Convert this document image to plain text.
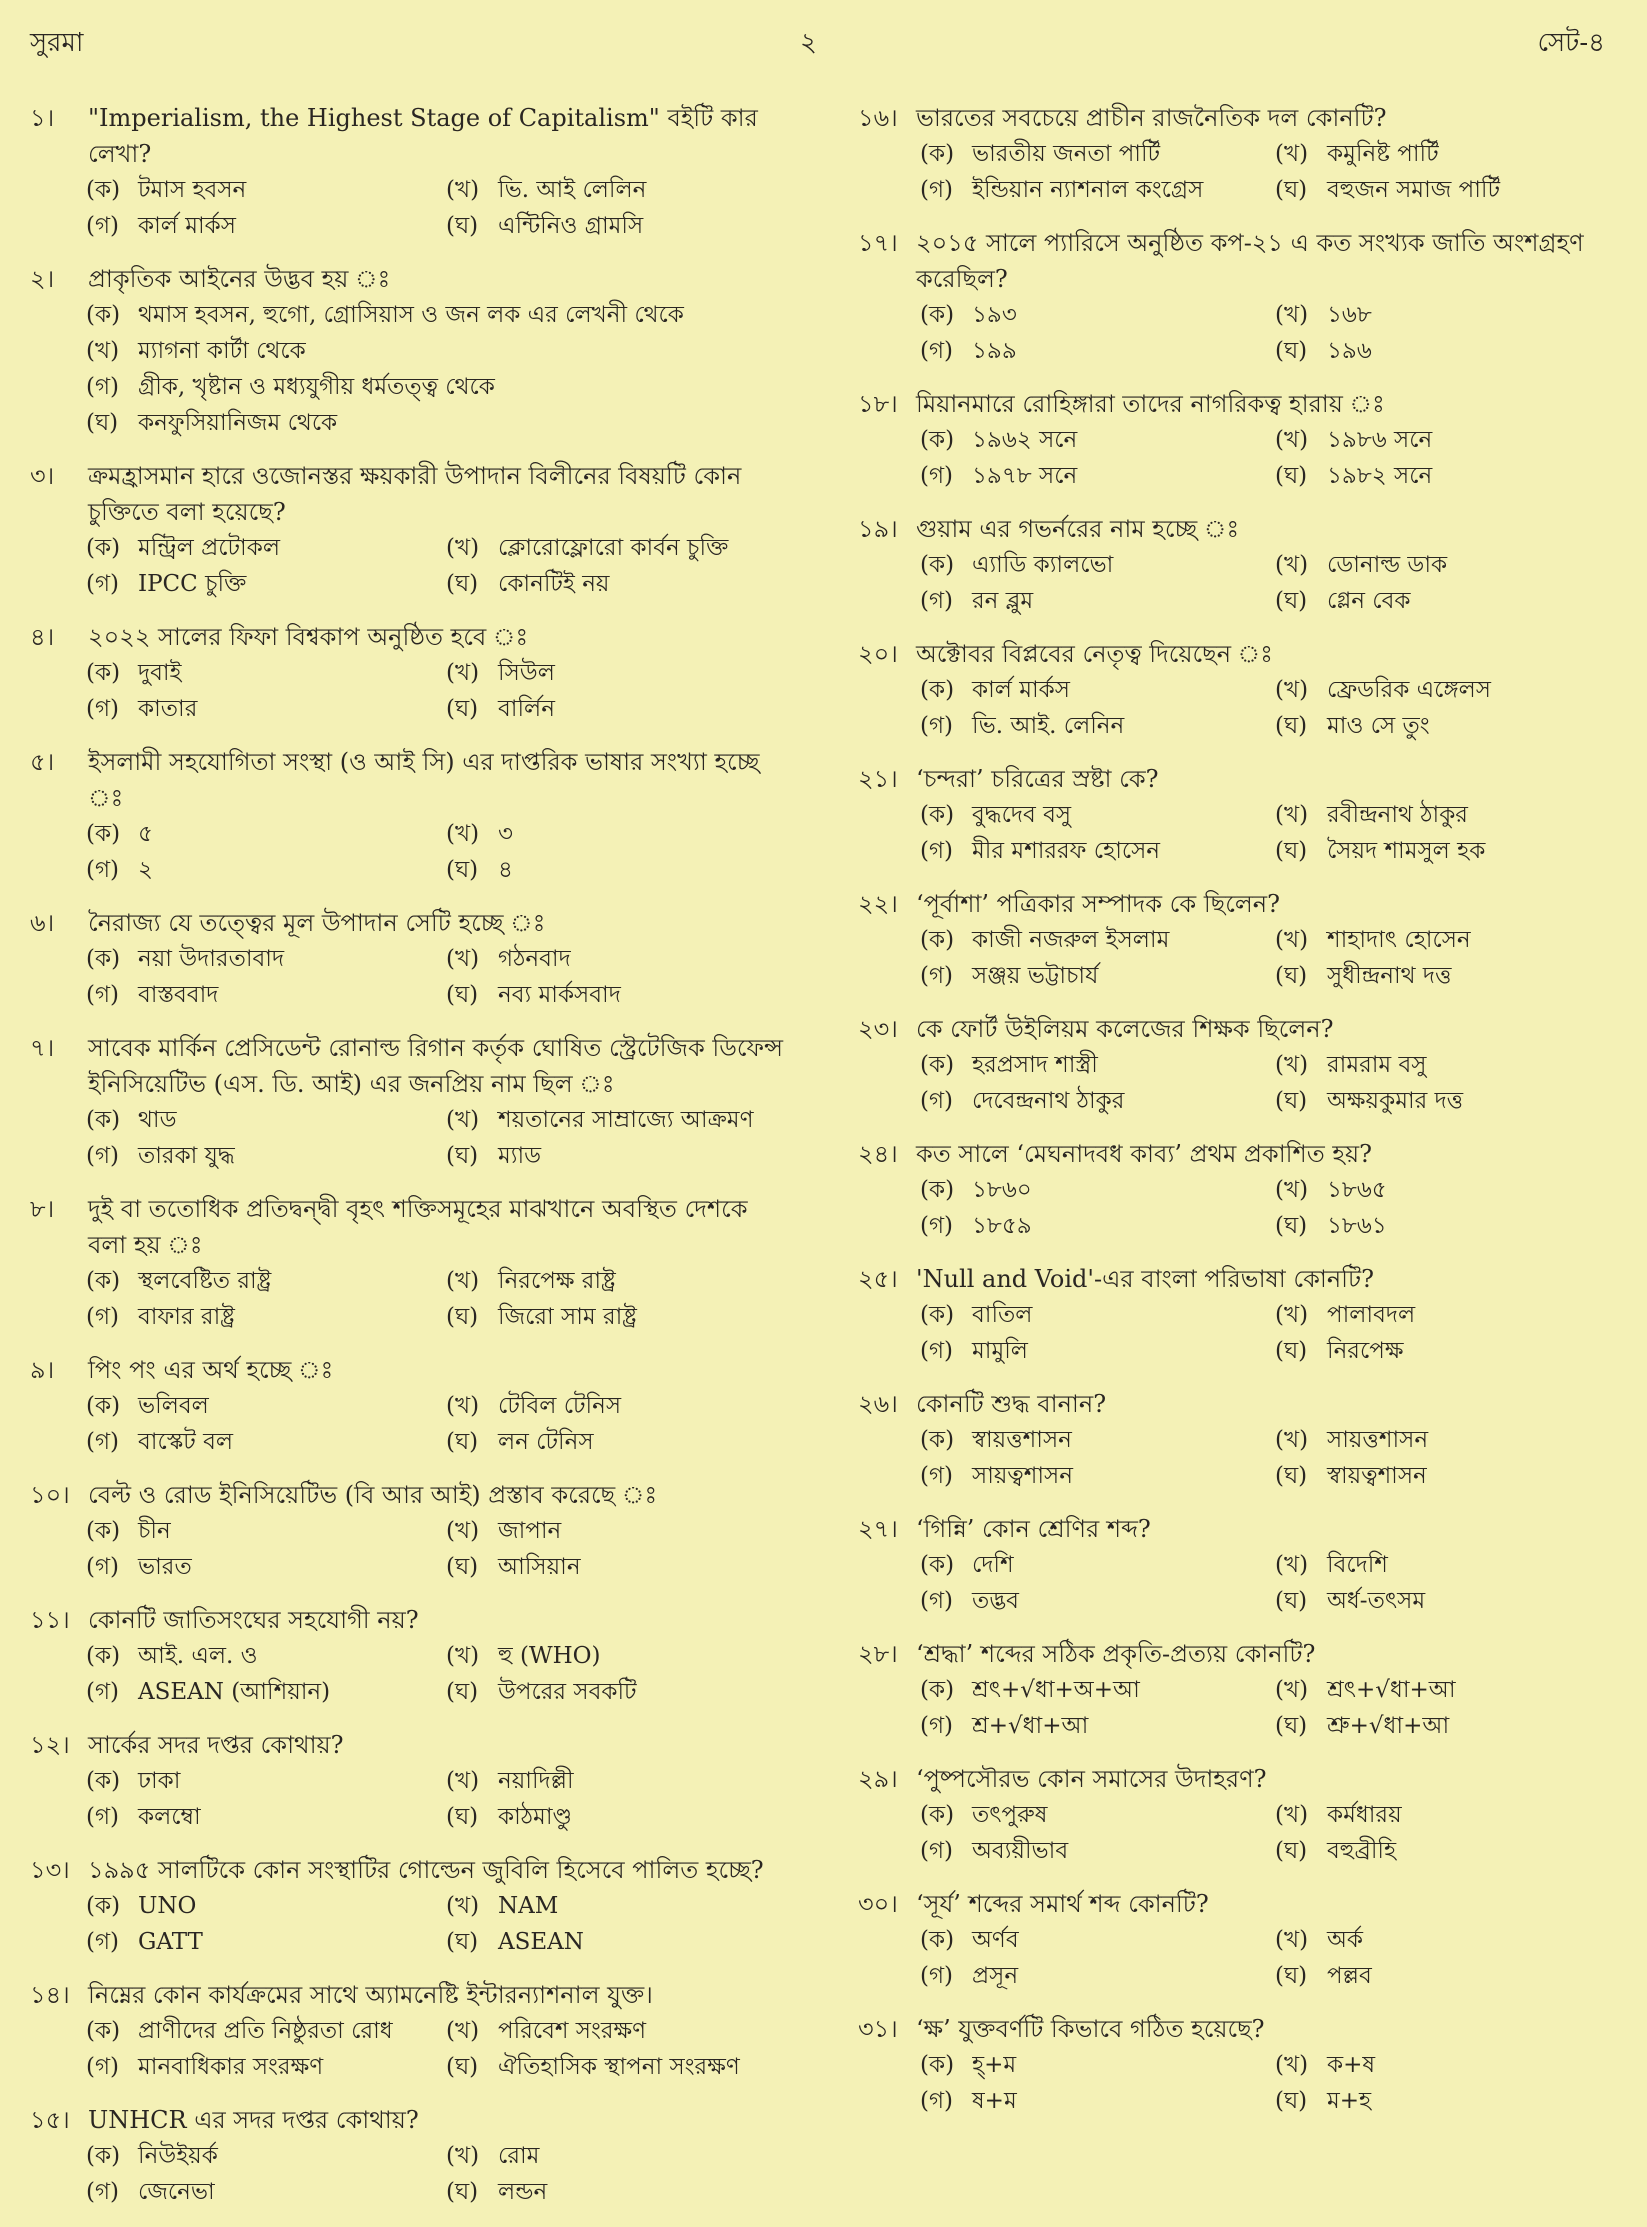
সুরমা	২	সেট-৪
১।	"Imperialism, the Highest Stage of Capitalism" বইটি কার লেখা?
(ক) টমাস হবসন	(খ) ভি. আই লেলিন
(গ) কার্ল মার্কস	(ঘ) এন্টিনিও গ্রামসি
২।	প্রাকৃতিক আইনের উদ্ভব হয় ঃ
(ক) থমাস হবসন, হুগো, গ্রোসিয়াস ও জন লক এর লেখনী থেকে
(খ) ম্যাগনা কার্টা থেকে
(গ) গ্রীক, খৃষ্টান ও মধ্যযুগীয় ধর্মতত্ত্ব থেকে
(ঘ) কনফুসিয়ানিজম থেকে
৩।	ক্রমহ্রাসমান হারে ওজোনস্তর ক্ষয়কারী উপাদান বিলীনের বিষয়টি কোন চুক্তিতে বলা হয়েছে?
(ক) মন্ট্রিল প্রটোকল	(খ) ক্লোরোফ্লোরো কার্বন চুক্তি
(গ) IPCC চুক্তি	(ঘ) কোনটিই নয়
৪।	২০২২ সালের ফিফা বিশ্বকাপ অনুষ্ঠিত হবে ঃ
(ক) দুবাই	(খ) সিউল
(গ) কাতার	(ঘ) বার্লিন
৫।	ইসলামী সহযোগিতা সংস্থা (ও আই সি) এর দাপ্তরিক ভাষার সংখ্যা হচ্ছে ঃ
(ক) ৫	(খ) ৩
(গ) ২	(ঘ) ৪
৬।	নৈরাজ্য যে তত্ত্বের মূল উপাদান সেটি হচ্ছে ঃ
(ক) নয়া উদারতাবাদ	(খ) গঠনবাদ
(গ) বাস্তববাদ	(ঘ) নব্য মার্কসবাদ
৭।	সাবেক মার্কিন প্রেসিডেন্ট রোনাল্ড রিগান কর্তৃক ঘোষিত স্ট্রেটেজিক ডিফেন্স ইনিসিয়েটিভ (এস. ডি. আই) এর জনপ্রিয় নাম ছিল ঃ
(ক) থাড	(খ) শয়তানের সাম্রাজ্যে আক্রমণ
(গ) তারকা যুদ্ধ	(ঘ) ম্যাড
৮।	দুই বা ততোধিক প্রতিদ্বন্দ্বী বৃহৎ শক্তিসমূহের মাঝখানে অবস্থিত দেশকে বলা হয় ঃ
(ক) স্থলবেষ্টিত রাষ্ট্র	(খ) নিরপেক্ষ রাষ্ট্র
(গ) বাফার রাষ্ট্র	(ঘ) জিরো সাম রাষ্ট্র
৯।	পিং পং এর অর্থ হচ্ছে ঃ
(ক) ভলিবল	(খ) টেবিল টেনিস
(গ) বাস্কেট বল	(ঘ) লন টেনিস
১০। বেল্ট ও রোড ইনিসিয়েটিভ (বি আর আই) প্রস্তাব করেছে ঃ
(ক) চীন	(খ) জাপান
(গ) ভারত	(ঘ) আসিয়ান
১১। কোনটি জাতিসংঘের সহযোগী নয়?
(ক) আই. এল. ও	(খ) হু (WHO)
(গ) ASEAN (আশিয়ান)	(ঘ) উপরের সবকটি
১২। সার্কের সদর দপ্তর কোথায়?
(ক) ঢাকা	(খ) নয়াদিল্লী
(গ) কলম্বো	(ঘ) কাঠমাণ্ডু
১৩। ১৯৯৫ সালটিকে কোন সংস্থাটির গোল্ডেন জুবিলি হিসেবে পালিত হচ্ছে?
(ক) UNO	(খ) NAM
(গ) GATT	(ঘ) ASEAN
১৪। নিম্নের কোন কার্যক্রমের সাথে অ্যামনেষ্টি ইন্টারন্যাশনাল যুক্ত।
(ক) প্রাণীদের প্রতি নিষ্ঠুরতা রোধ	(খ) পরিবেশ সংরক্ষণ
(গ) মানবাধিকার সংরক্ষণ	(ঘ) ঐতিহাসিক স্থাপনা সংরক্ষণ
১৫। UNHCR এর সদর দপ্তর কোথায়?
(ক) নিউইয়র্ক	(খ) রোম
(গ) জেনেভা	(ঘ) লন্ডন
১৬। ভারতের সবচেয়ে প্রাচীন রাজনৈতিক দল কোনটি?
(ক) ভারতীয় জনতা পার্টি	(খ) কমুনিষ্ট পার্টি
(গ) ইন্ডিয়ান ন্যাশনাল কংগ্রেস	(ঘ) বহুজন সমাজ পার্টি
১৭। ২০১৫ সালে প্যারিসে অনুষ্ঠিত কপ-২১ এ কত সংখ্যক জাতি অংশগ্রহণ করেছিল?
(ক) ১৯৩	(খ) ১৬৮
(গ) ১৯৯	(ঘ) ১৯৬
১৮। মিয়ানমারে রোহিঙ্গারা তাদের নাগরিকত্ব হারায় ঃ
(ক) ১৯৬২ সনে	(খ) ১৯৮৬ সনে
(গ) ১৯৭৮ সনে	(ঘ) ১৯৮২ সনে
১৯। গুয়াম এর গভর্নরের নাম হচ্ছে ঃ
(ক) এ্যাডি ক্যালভো	(খ) ডোনাল্ড ডাক
(গ) রন ব্লুম	(ঘ) গ্লেন বেক
২০। অক্টোবর বিপ্লবের নেতৃত্ব দিয়েছেন ঃ
(ক) কার্ল মার্কস	(খ) ফ্রেডরিক এঙ্গেলস
(গ) ভি. আই. লেনিন	(ঘ) মাও সে তুং
২১। ‘চন্দরা’ চরিত্রের স্রষ্টা কে?
(ক) বুদ্ধদেব বসু	(খ) রবীন্দ্রনাথ ঠাকুর
(গ) মীর মশাররফ হোসেন	(ঘ) সৈয়দ শামসুল হক
২২। ‘পূর্বাশা’ পত্রিকার সম্পাদক কে ছিলেন?
(ক) কাজী নজরুল ইসলাম	(খ) শাহাদাৎ হোসেন
(গ) সঞ্জয় ভট্টাচার্য	(ঘ) সুধীন্দ্রনাথ দত্ত
২৩। কে ফোর্ট উইলিয়ম কলেজের শিক্ষক ছিলেন?
(ক) হরপ্রসাদ শাস্ত্রী	(খ) রামরাম বসু
(গ) দেবেন্দ্রনাথ ঠাকুর	(ঘ) অক্ষয়কুমার দত্ত
২৪। কত সালে ‘মেঘনাদবধ কাব্য’ প্রথম প্রকাশিত হয়?
(ক) ১৮৬০	(খ) ১৮৬৫
(গ) ১৮৫৯	(ঘ) ১৮৬১
২৫। 'Null and Void'-এর বাংলা পরিভাষা কোনটি?
(ক) বাতিল	(খ) পালাবদল
(গ) মামুলি	(ঘ) নিরপেক্ষ
২৬। কোনটি শুদ্ধ বানান?
(ক) স্বায়ত্তশাসন	(খ) সায়ত্তশাসন
(গ) সায়ত্বশাসন	(ঘ) স্বায়ত্বশাসন
২৭। ‘গিন্নি’ কোন শ্রেণির শব্দ?
(ক) দেশি	(খ) বিদেশি
(গ) তদ্ভব	(ঘ) অর্ধ-তৎসম
২৮। ‘শ্রদ্ধা’ শব্দের সঠিক প্রকৃতি-প্রত্যয় কোনটি?
(ক) শ্রৎ+√ধা+অ+আ	(খ) শ্রৎ+√ধা+আ
(গ) শ্র+√ধা+আ	(ঘ) শ্রু+√ধা+আ
২৯। ‘পুষ্পসৌরভ কোন সমাসের উদাহরণ?
(ক) তৎপুরুষ	(খ) কর্মধারয়
(গ) অব্যয়ীভাব	(ঘ) বহুব্রীহি
৩০। ‘সূর্য’ শব্দের সমার্থ শব্দ কোনটি?
(ক) অর্ণব	(খ) অর্ক
(গ) প্রসূন	(ঘ) পল্লব
৩১। ‘ক্ষ’ যুক্তবর্ণটি কিভাবে গঠিত হয়েছে?
(ক) হ্+ম	(খ) ক+ষ
(গ) ষ+ম	(ঘ) ম+হ
